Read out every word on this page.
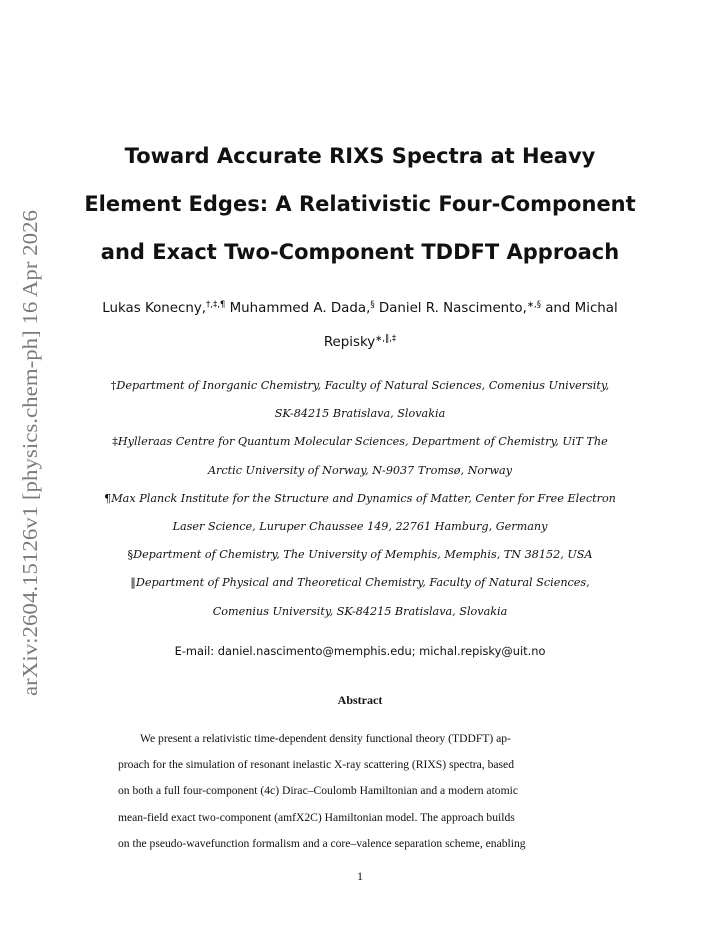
arXiv:2604.15126v1 [physics.chem-ph] 16 Apr 2026
Toward Accurate RIXS Spectra at Heavy
Element Edges: A Relativistic Four-Component
and Exact Two-Component TDDFT Approach
Lukas Konecny,†,‡,¶ Muhammed A. Dada,§ Daniel R. Nascimento,∗,§ and Michal
Repisky∗,‖,‡
†Department of Inorganic Chemistry, Faculty of Natural Sciences, Comenius University,
SK-84215 Bratislava, Slovakia
‡Hylleraas Centre for Quantum Molecular Sciences, Department of Chemistry, UiT The
Arctic University of Norway, N-9037 Tromsø, Norway
¶Max Planck Institute for the Structure and Dynamics of Matter, Center for Free Electron
Laser Science, Luruper Chaussee 149, 22761 Hamburg, Germany
§Department of Chemistry, The University of Memphis, Memphis, TN 38152, USA
‖Department of Physical and Theoretical Chemistry, Faculty of Natural Sciences,
Comenius University, SK-84215 Bratislava, Slovakia
E-mail: daniel.nascimento@memphis.edu; michal.repisky@uit.no
Abstract
We present a relativistic time-dependent density functional theory (TDDFT) ap-
proach for the simulation of resonant inelastic X-ray scattering (RIXS) spectra, based
on both a full four-component (4c) Dirac–Coulomb Hamiltonian and a modern atomic
mean-field exact two-component (amfX2C) Hamiltonian model. The approach builds
on the pseudo-wavefunction formalism and a core–valence separation scheme, enabling
1
